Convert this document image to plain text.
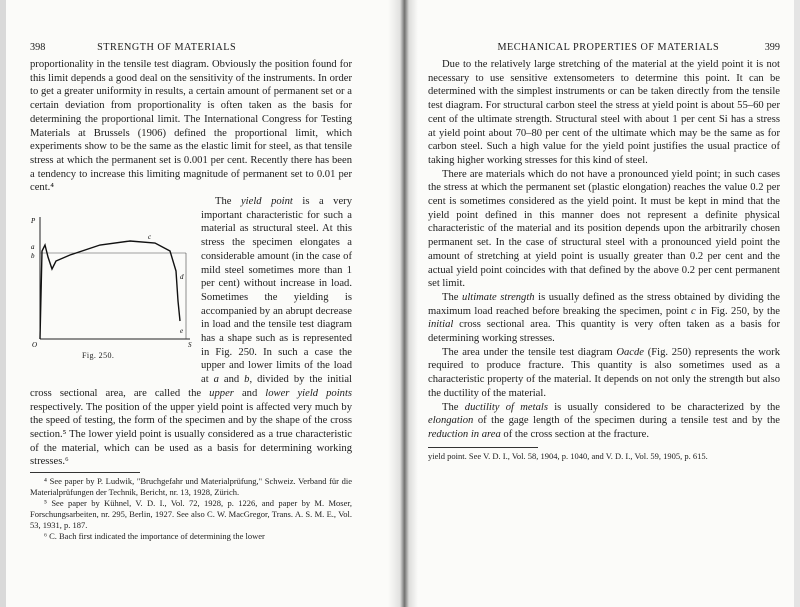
398	STRENGTH OF MATERIALS

proportionality in the tensile test diagram. Obviously the position found for this limit depends a good deal on the sensitivity of the instruments. In order to get a greater uniformity in results, a certain amount of permanent set or a certain deviation from proportionality is often taken as the basis for determining the proportional limit. The International Congress for Testing Materials at Brussels (1906) defined the proportional limit, which experiments show to be the same as the elastic limit for steel, as that tensile stress at which the permanent set is 0.001 per cent. Recently there has been a tendency to increase this limiting magnitude of permanent set to 0.01 per cent.⁴

P
a
b
c
d
e
O	S
Fig. 250.

The yield point is a very important characteristic for such a material as structural steel. At this stress the specimen elongates a considerable amount (in the case of mild steel sometimes more than 1 per cent) without increase in load. Sometimes the yielding is accompanied by an abrupt decrease in load and the tensile test diagram has a shape such as is represented in Fig. 250. In such a case the upper and lower limits of the load at a and b, divided by the initial cross sectional area, are called the upper and lower yield points respectively. The position of the upper yield point is affected very much by the speed of testing, the form of the specimen and by the shape of the cross section.⁵ The lower yield point is usually considered as a true characteristic of the material, which can be used as a basis for determining working stresses.⁶

⁴ See paper by P. Ludwik, "Bruchgefahr und Materialprüfung," Schweiz. Verband für die Materialprüfungen der Technik, Bericht, nr. 13, 1928, Zürich.

⁵ See paper by Kühnel, V. D. I., Vol. 72, 1928, p. 1226, and paper by M. Moser, Forschungsarbeiten, nr. 295, Berlin, 1927. See also C. W. MacGregor, Trans. A. S. M. E., Vol. 53, 1931, p. 187.

⁶ C. Bach first indicated the importance of determining the lower

MECHANICAL PROPERTIES OF MATERIALS	399

Due to the relatively large stretching of the material at the yield point it is not necessary to use sensitive extensometers to determine this point. It can be determined with the simplest instruments or can be taken directly from the tensile test diagram. For structural carbon steel the stress at yield point is about 55–60 per cent of the ultimate strength. Structural steel with about 1 per cent Si has a stress at yield point about 70–80 per cent of the ultimate which may be the same as for carbon steel. Such a high value for the yield point justifies the usual practice of taking higher working stresses for this kind of steel.

There are materials which do not have a pronounced yield point; in such cases the stress at which the permanent set (plastic elongation) reaches the value 0.2 per cent is sometimes considered as the yield point. It must be kept in mind that the yield point defined in this manner does not represent a definite physical characteristic of the material and its position depends upon the arbitrarily chosen permanent set. In the case of structural steel with a pronounced yield point the amount of stretching at yield point is usually greater than 0.2 per cent and the actual yield point coincides with that defined by the above 0.2 per cent permanent set limit.

The ultimate strength is usually defined as the stress obtained by dividing the maximum load reached before breaking the specimen, point c in Fig. 250, by the initial cross sectional area. This quantity is very often taken as a basis for determining working stresses.

The area under the tensile test diagram Oacde (Fig. 250) represents the work required to produce fracture. This quantity is also sometimes used as a characteristic property of the material. It depends on not only the strength but also the ductility of the material.

The ductility of metals is usually considered to be characterized by the elongation of the gage length of the specimen during a tensile test and by the reduction in area of the cross section at the fracture.

yield point. See V. D. I., Vol. 58, 1904, p. 1040, and V. D. I., Vol. 59, 1905, p. 615.
